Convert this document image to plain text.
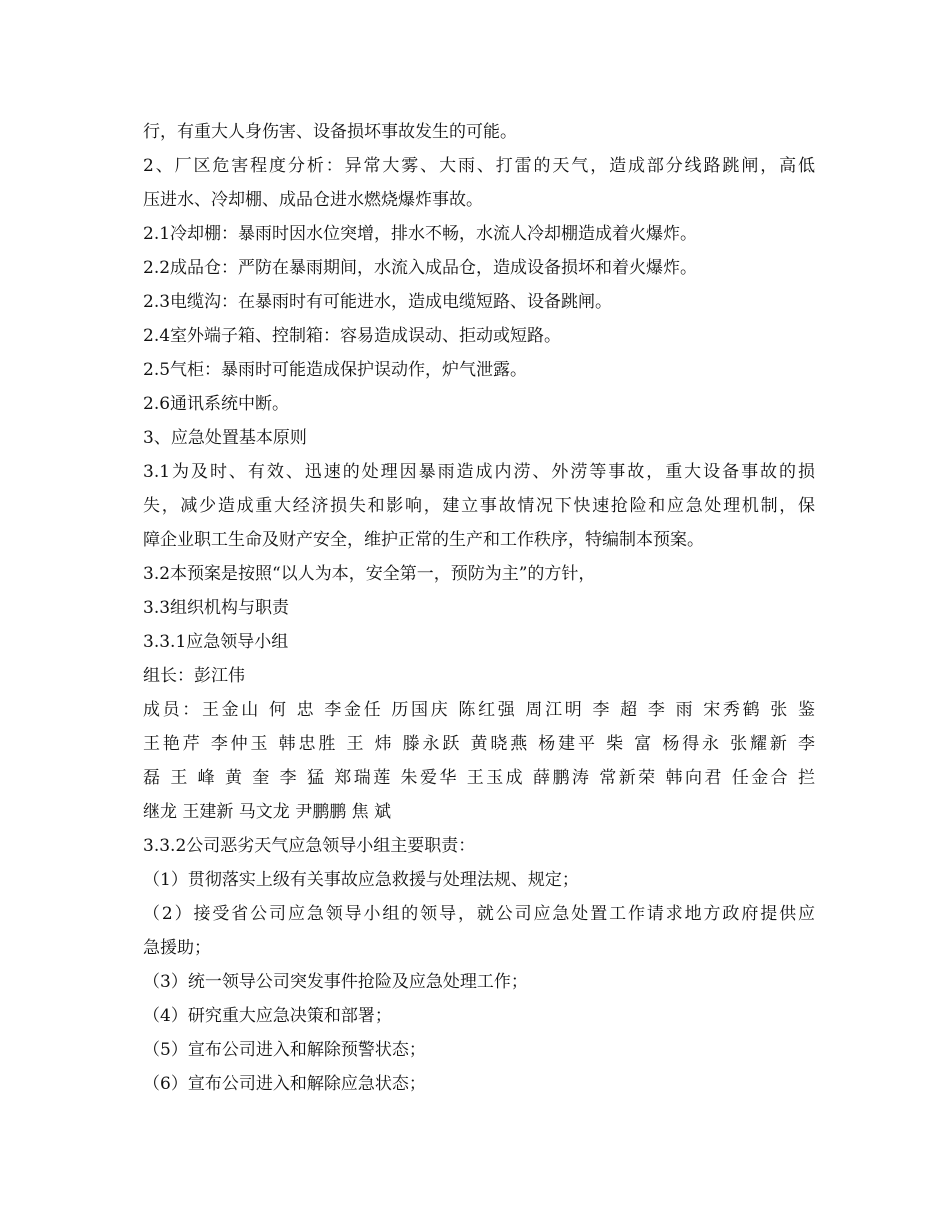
行，有重大人身伤害、设备损坏事故发生的可能。
2、厂区危害程度分析：异常大雾、大雨、打雷的天气，造成部分线路跳闸，高低
压进水、冷却棚、成品仓进水燃烧爆炸事故。
2.1冷却棚：暴雨时因水位突增，排水不畅，水流人冷却棚造成着火爆炸。
2.2成品仓：严防在暴雨期间，水流入成品仓，造成设备损坏和着火爆炸。
2.3电缆沟：在暴雨时有可能进水，造成电缆短路、设备跳闸。
2.4室外端子箱、控制箱：容易造成误动、拒动或短路。
2.5气柜：暴雨时可能造成保护误动作，炉气泄露。
2.6通讯系统中断。
3、应急处置基本原则
3.1为及时、有效、迅速的处理因暴雨造成内涝、外涝等事故，重大设备事故的损
失，减少造成重大经济损失和影响，建立事故情况下快速抢险和应急处理机制，保
障企业职工生命及财产安全，维护正常的生产和工作秩序，特编制本预案。
3.2本预案是按照“以人为本，安全第一，预防为主”的方针，
3.3组织机构与职责
3.3.1应急领导小组
组长：彭江伟
成员：王金山 何 忠 李金任 历国庆 陈红强 周江明 李 超 李 雨 宋秀鹤 张 鉴
王艳芹 李仲玉 韩忠胜 王 炜 滕永跃 黄晓燕 杨建平 柴 富 杨得永 张耀新 李
磊 王 峰 黄 奎 李 猛 郑瑞莲 朱爱华 王玉成 薛鹏涛 常新荣 韩向君 任金合 拦
继龙 王建新 马文龙 尹鹏鹏 焦 斌
3.3.2公司恶劣天气应急领导小组主要职责：
（1）贯彻落实上级有关事故应急救援与处理法规、规定；
（2）接受省公司应急领导小组的领导，就公司应急处置工作请求地方政府提供应
急援助；
（3）统一领导公司突发事件抢险及应急处理工作；
（4）研究重大应急决策和部署；
（5）宣布公司进入和解除预警状态；
（6）宣布公司进入和解除应急状态；
